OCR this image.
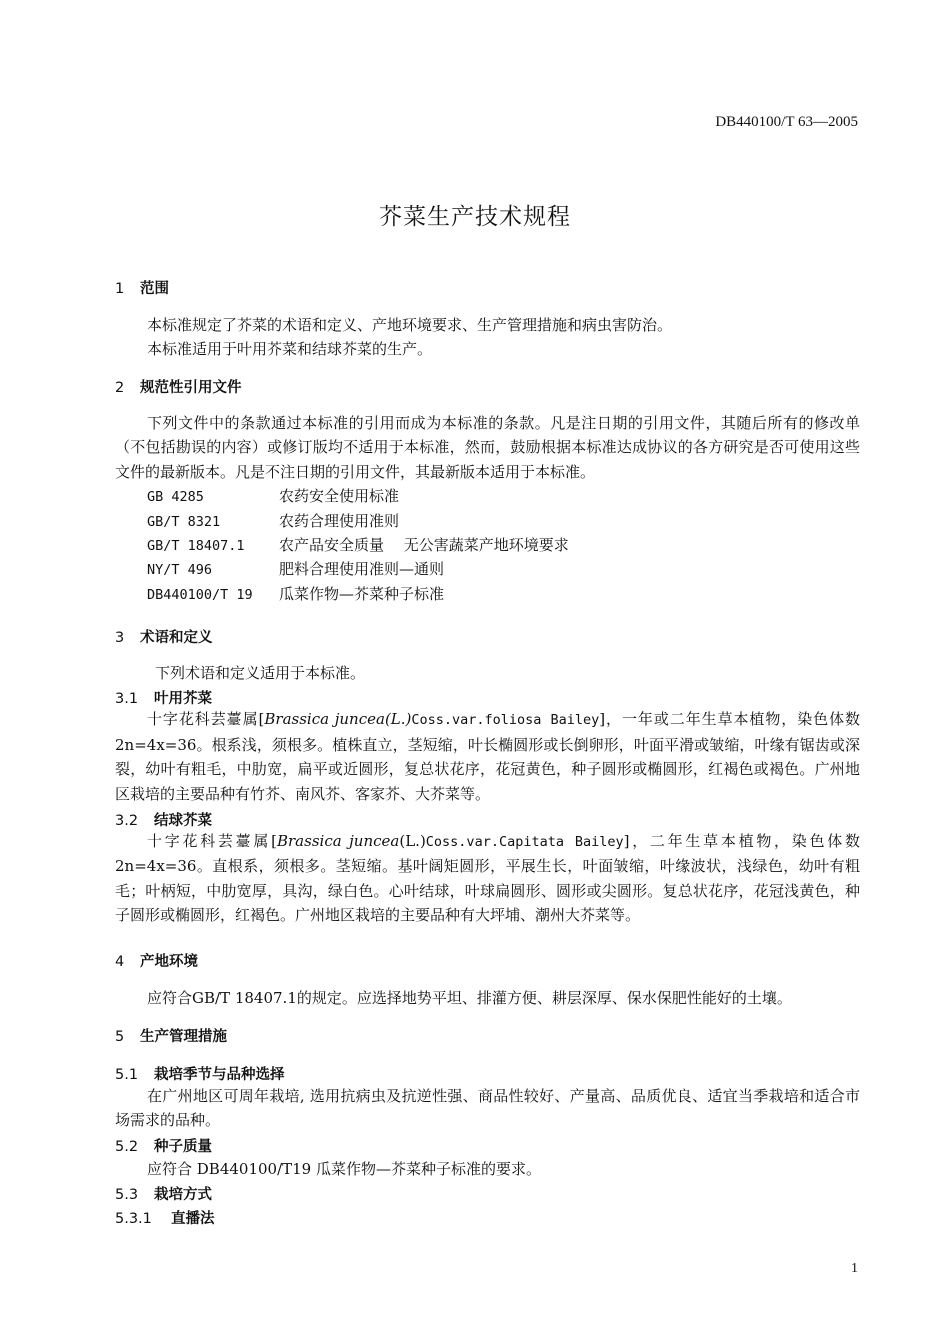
DB440100/T 63—2005
芥菜生产技术规程
1 范围
本标准规定了芥菜的术语和定义、产地环境要求、生产管理措施和病虫害防治。
本标准适用于叶用芥菜和结球芥菜的生产。
2 规范性引用文件
下列文件中的条款通过本标准的引用而成为本标准的条款。凡是注日期的引用文件，其随后所有的修改单（不包括勘误的内容）或修订版均不适用于本标准，然而，鼓励根据本标准达成协议的各方研究是否可使用这些文件的最新版本。凡是不注日期的引用文件，其最新版本适用于本标准。
GB 4285	农药安全使用标准
GB/T 8321	农药合理使用准则
GB/T 18407.1 农产品安全质量　 无公害蔬菜产地环境要求
NY/T 496	肥料合理使用准则—通则
DB440100/T 19 瓜菜作物—芥菜种子标准
3 术语和定义
下列术语和定义适用于本标准。
3.1 叶用芥菜
十字花科芸薹属[Brassica juncea(L.)Coss.var.foliosa Bailey]，一年或二年生草本植物，染色体数2n=4x=36。根系浅，须根多。植株直立，茎短缩，叶长椭圆形或长倒卵形，叶面平滑或皱缩，叶缘有锯齿或深裂，幼叶有粗毛，中肋宽，扁平或近圆形，复总状花序，花冠黄色，种子圆形或椭圆形，红褐色或褐色。广州地区栽培的主要品种有竹芥、南风芥、客家芥、大芥菜等。
3.2 结球芥菜
十字花科芸薹属[Brassica juncea(L.)Coss.var.Capitata Bailey]，二年生草本植物，染色体数2n=4x=36。直根系，须根多。茎短缩。基叶阔矩圆形，平展生长，叶面皱缩，叶缘波状，浅绿色，幼叶有粗毛；叶柄短，中肋宽厚，具沟，绿白色。心叶结球，叶球扁圆形、圆形或尖圆形。复总状花序，花冠浅黄色，种子圆形或椭圆形，红褐色。广州地区栽培的主要品种有大坪埔、潮州大芥菜等。
4 产地环境
应符合GB/T 18407.1的规定。应选择地势平坦、排灌方便、耕层深厚、保水保肥性能好的土壤。
5 生产管理措施
5.1 栽培季节与品种选择
在广州地区可周年栽培, 选用抗病虫及抗逆性强、商品性较好、产量高、品质优良、适宜当季栽培和适合市场需求的品种。
5.2 种子质量
应符合 DB440100/T19 瓜菜作物—芥菜种子标准的要求。
5.3 栽培方式
5.3.1 直播法
1
